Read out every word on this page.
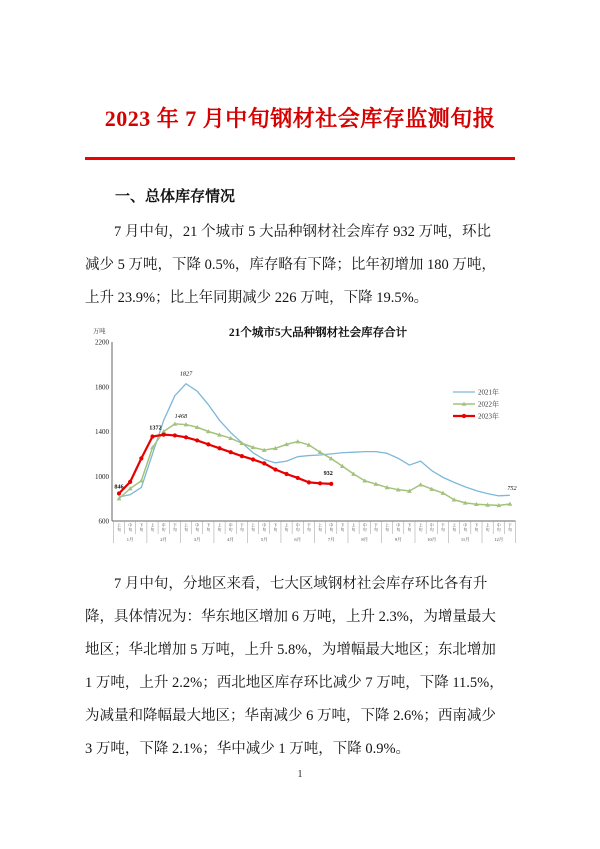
2023 年 7 月中旬钢材社会库存监测旬报
一、总体库存情况
7 月中旬，21 个城市 5 大品种钢材社会库存 932 万吨，环比
减少 5 万吨，下降 0.5%，库存略有下降；比年初增加 180 万吨，
上升 23.9%；比上年同期减少 226 万吨，下降 19.5%。
21个城市5大品种钢材社会库存合计
万吨
600
1000
1400
1800
2200
上旬
中旬
下旬
上旬
中旬
下旬
上旬
中旬
下旬
上旬
中旬
下旬
上旬
中旬
下旬
上旬
中旬
下旬
上旬
中旬
下旬
上旬
中旬
下旬
上旬
中旬
下旬
上旬
中旬
下旬
上旬
中旬
下旬
上旬
中旬
下旬
1月	2月	3月	4月	5月	6月	7月	8月	9月	10月	11月	12月
846
1372
1468
1827
932
752
2021年
2022年
2023年
7 月中旬，分地区来看，七大区域钢材社会库存环比各有升
降，具体情况为：华东地区增加 6 万吨，上升 2.3%，为增量最大
地区；华北增加 5 万吨，上升 5.8%，为增幅最大地区；东北增加
1 万吨，上升 2.2%；西北地区库存环比减少 7 万吨，下降 11.5%，
为减量和降幅最大地区；华南减少 6 万吨，下降 2.6%；西南减少
3 万吨，下降 2.1%；华中减少 1 万吨，下降 0.9%。
1
